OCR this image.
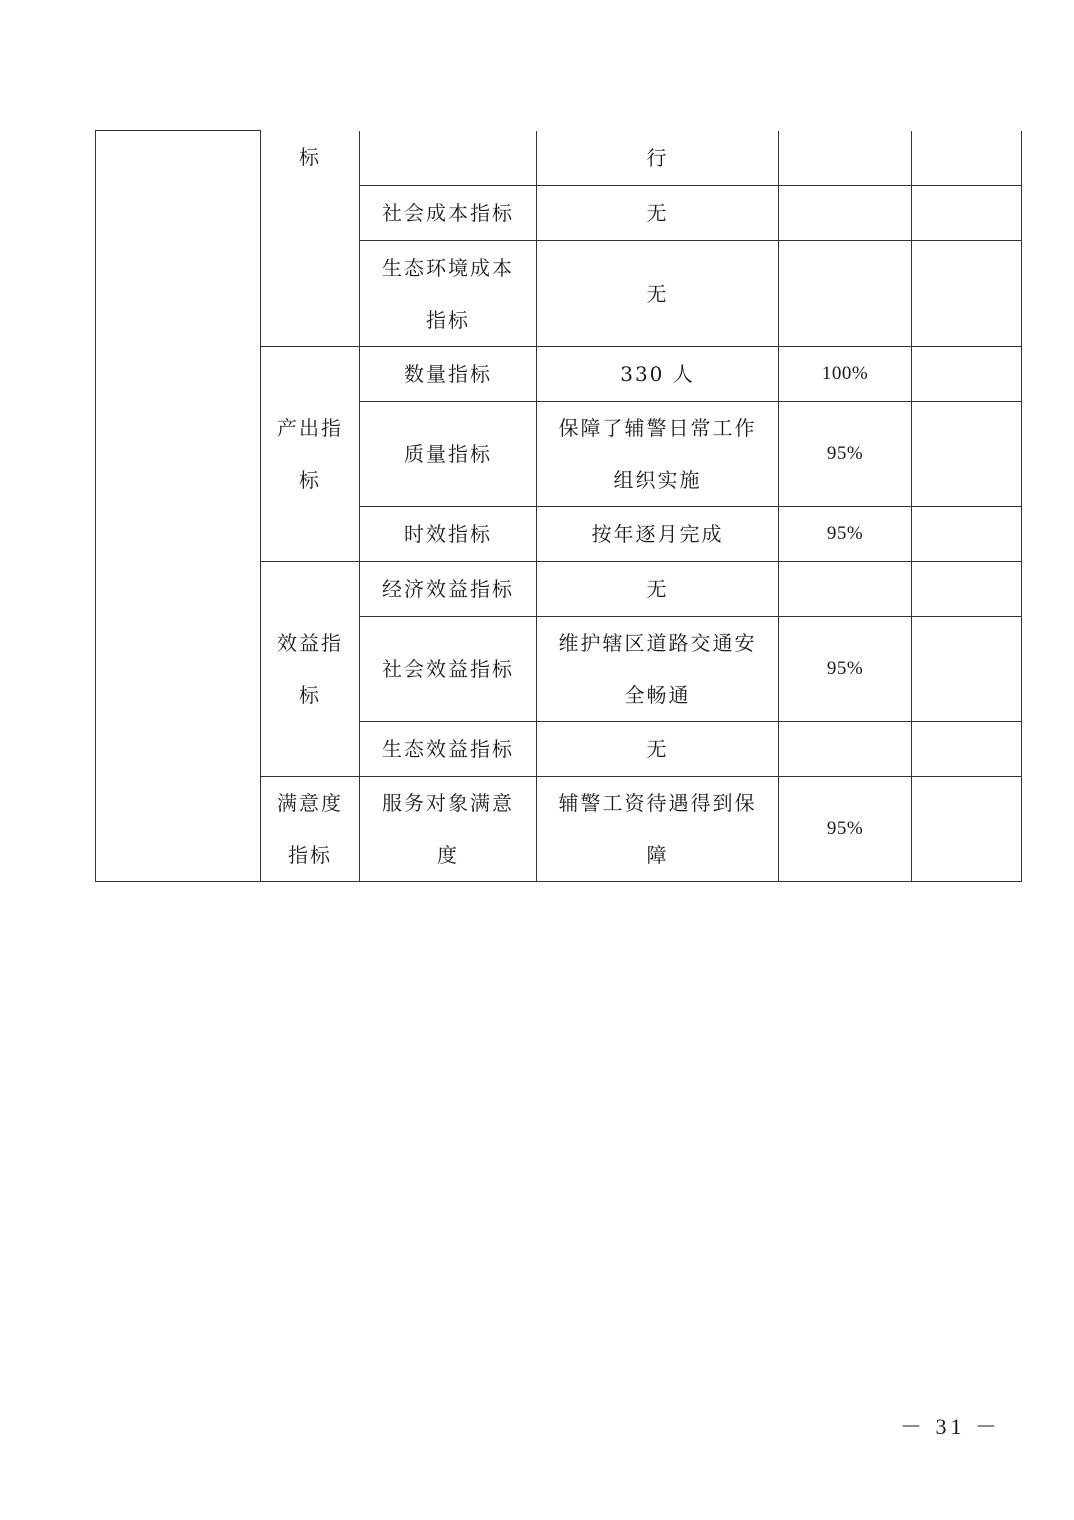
	标		行		
		社会成本指标	无		
		生态环境成本指标	无		
	产出指标	数量指标	330 人	100%	
		质量指标	保障了辅警日常工作组织实施	95%	
		时效指标	按年逐月完成	95%	
	效益指标	经济效益指标	无		
		社会效益指标	维护辖区道路交通安全畅通	95%	
		生态效益指标	无		
	满意度指标	服务对象满意度	辅警工资待遇得到保障	95%	
－ 31 －
